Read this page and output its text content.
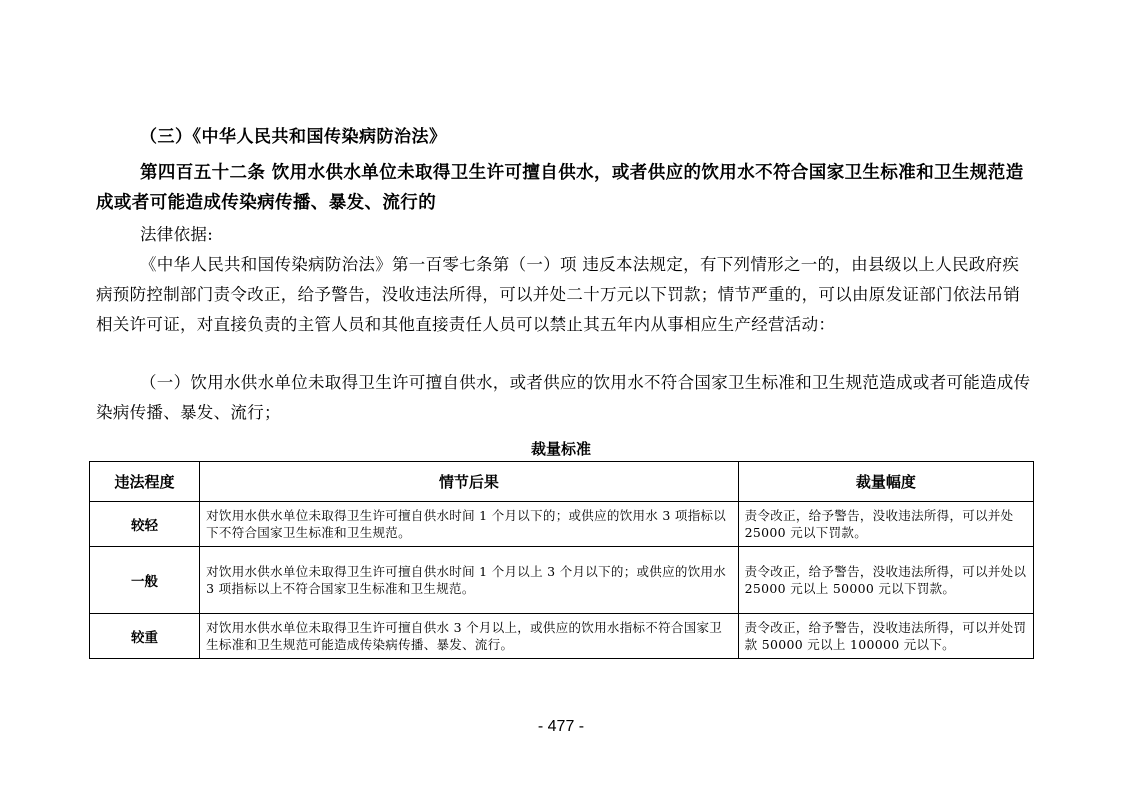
（三）《中华人民共和国传染病防治法》
第四百五十二条 饮用水供水单位未取得卫生许可擅自供水，或者供应的饮用水不符合国家卫生标准和卫生规范造成或者可能造成传染病传播、暴发、流行的
法律依据:
《中华人民共和国传染病防治法》第一百零七条第（一）项 违反本法规定，有下列情形之一的，由县级以上人民政府疾病预防控制部门责令改正，给予警告，没收违法所得，可以并处二十万元以下罚款；情节严重的，可以由原发证部门依法吊销相关许可证，对直接负责的主管人员和其他直接责任人员可以禁止其五年内从事相应生产经营活动：
（一）饮用水供水单位未取得卫生许可擅自供水，或者供应的饮用水不符合国家卫生标准和卫生规范造成或者可能造成传染病传播、暴发、流行；
裁量标准
违法程度	情节后果	裁量幅度
较轻	对饮用水供水单位未取得卫生许可擅自供水时间 1 个月以下的；或供应的饮用水 3 项指标以下不符合国家卫生标准和卫生规范。	责令改正，给予警告，没收违法所得，可以并处 25000 元以下罚款。
一般	对饮用水供水单位未取得卫生许可擅自供水时间 1 个月以上 3 个月以下的；或供应的饮用水 3 项指标以上不符合国家卫生标准和卫生规范。	责令改正，给予警告，没收违法所得，可以并处以 25000 元以上 50000 元以下罚款。
较重	对饮用水供水单位未取得卫生许可擅自供水 3 个月以上，或供应的饮用水指标不符合国家卫生标准和卫生规范可能造成传染病传播、暴发、流行。	责令改正，给予警告，没收违法所得，可以并处罚款 50000 元以上 100000 元以下。
- 477 -
